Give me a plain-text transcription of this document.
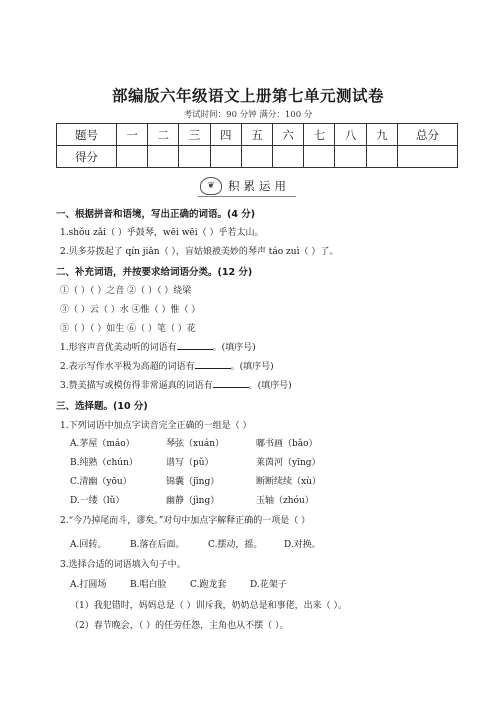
部编版六年级语文上册第七单元测试卷
考试时间：90 分钟 满分：100 分
题号	一	二	三	四	五	六	七	八	九	总分
得分										
❦	积累运用
一、根据拼音和语境，写出正确的词语。(4 分)
1.shǒu zǎi（ ）乎鼓琴，wēi wēi（ ）乎若太山。
2.贝多芬拨起了 qín jiǎn（ ），盲姑娘被美妙的琴声 táo zuì（ ）了。
二、补充词语，并按要求给词语分类。(12 分)
①（ ）（ ）之音 ②（ ）（ ）绕梁
③（ ）云（ ）水 ④惟（ ）惟（ ）
⑤（ ）（ ）如生 ⑥（ ）笔（ ）花
1.形容声音优美动听的词语有	。(填序号)
2.表示写作水平极为高超的词语有	。(填序号)
3.赞美描写或模仿得非常逼真的词语有	。(填序号)
三、选择题。(10 分)
1.下列词语中加点字读音完全正确的一组是（ ）
A.茅屋（máo）	琴弦（xuán）	嘟书画（bǎo）
B.纯熟（chún）	谱写（pǔ）	莱茵河（yīng）
C.清幽（yōu）	锦囊（jīng）	断断续续（xù）
D.一缕（lǔ）	幽静（jìng）	玉轴（zhóu）
2.“今乃掉尾而斗，谬矣。”对句中加点字解释正确的一项是（ ）
A.回转。	B.落在后面。	C.摆动，摇。 D.对换。
3.选择合适的词语填入句子中。
A.打圆场	B.唱白脸	C.跑龙套	D.花架子
（1）我犯错时，妈妈总是（ ）训斥我，奶奶总是和事佬，出来（ ）。
（2）春节晚会，（ ）的任劳任怨，主角也从不摆（ ）。
